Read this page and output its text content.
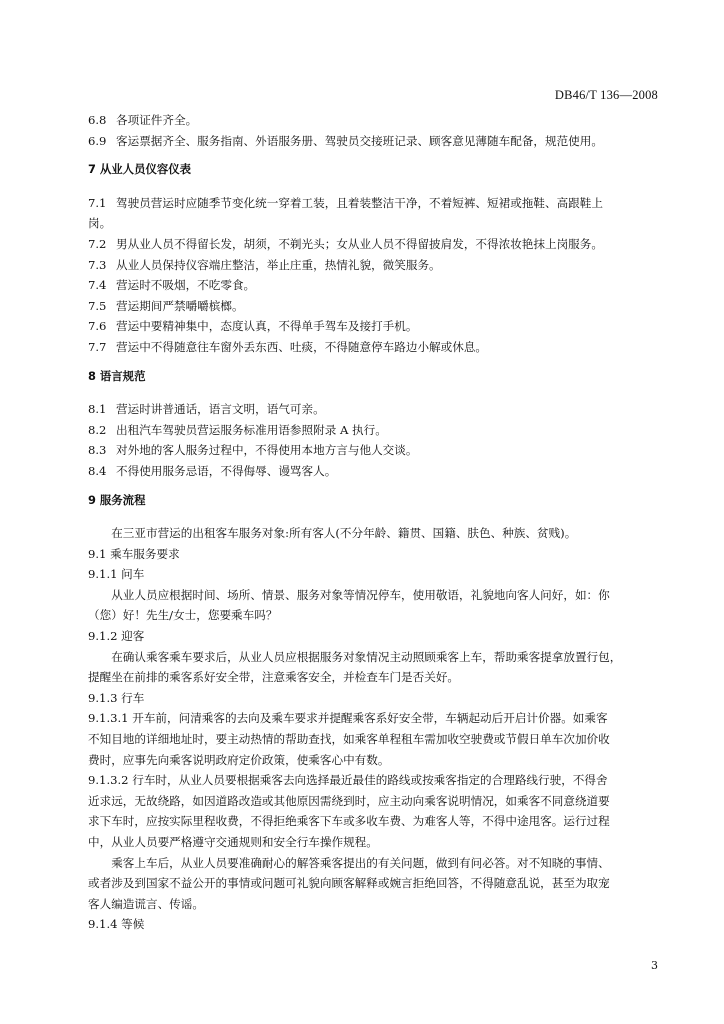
DB46/T 136—2008

6.8 各项证件齐全。

6.9 客运票据齐全、服务指南、外语服务册、驾驶员交接班记录、顾客意见薄随车配备，规范使用。

7 从业人员仪容仪表

7.1 驾驶员营运时应随季节变化统一穿着工装，且着装整洁干净，不着短裤、短裙或拖鞋、高跟鞋上

岗。

7.2 男从业人员不得留长发，胡须，不剃光头；女从业人员不得留披肩发，不得浓妆艳抹上岗服务。

7.3 从业人员保持仪容端庄整洁，举止庄重，热情礼貌，微笑服务。

7.4 营运时不吸烟，不吃零食。

7.5 营运期间严禁嚼嚼槟榔。

7.6 营运中要精神集中，态度认真，不得单手驾车及接打手机。

7.7 营运中不得随意往车窗外丢东西、吐痰，不得随意停车路边小解或休息。

8 语言规范

8.1 营运时讲普通话，语言文明，语气可亲。

8.2 出租汽车驾驶员营运服务标准用语参照附录 A 执行。

8.3 对外地的客人服务过程中，不得使用本地方言与他人交谈。

8.4 不得使用服务忌语，不得侮辱、谩骂客人。

9 服务流程

在三亚市营运的出租客车服务对象:所有客人(不分年龄、籍贯、国籍、肤色、种族、贫贱)。

9.1 乘车服务要求

9.1.1 问车

从业人员应根据时间、场所、情景、服务对象等情况停车，使用敬语，礼貌地向客人问好，如：你

（您）好！先生/女士，您要乘车吗？

9.1.2 迎客

在确认乘客乘车要求后，从业人员应根据服务对象情况主动照顾乘客上车，帮助乘客提拿放置行包，

提醒坐在前排的乘客系好安全带，注意乘客安全，并检查车门是否关好。

9.1.3 行车

9.1.3.1 开车前，问清乘客的去向及乘车要求并提醒乘客系好安全带，车辆起动后开启计价器。如乘客

不知目地的详细地址时，要主动热情的帮助查找，如乘客单程租车需加收空驶费或节假日单车次加价收

费时，应事先向乘客说明政府定价政策，使乘客心中有数。

9.1.3.2 行车时，从业人员要根据乘客去向选择最近最佳的路线或按乘客指定的合理路线行驶，不得舍

近求远，无故绕路，如因道路改造或其他原因需绕到时，应主动向乘客说明情况，如乘客不同意绕道要

求下车时，应按实际里程收费，不得拒绝乘客下车或多收车费、为难客人等，不得中途甩客。运行过程

中，从业人员要严格遵守交通规则和安全行车操作规程。

乘客上车后，从业人员要准确耐心的解答乘客提出的有关问题，做到有问必答。对不知晓的事情、

或者涉及到国家不益公开的事情或问题可礼貌向顾客解释或婉言拒绝回答，不得随意乱说，甚至为取宠

客人编造谎言、传谣。

9.1.4 等候

3
